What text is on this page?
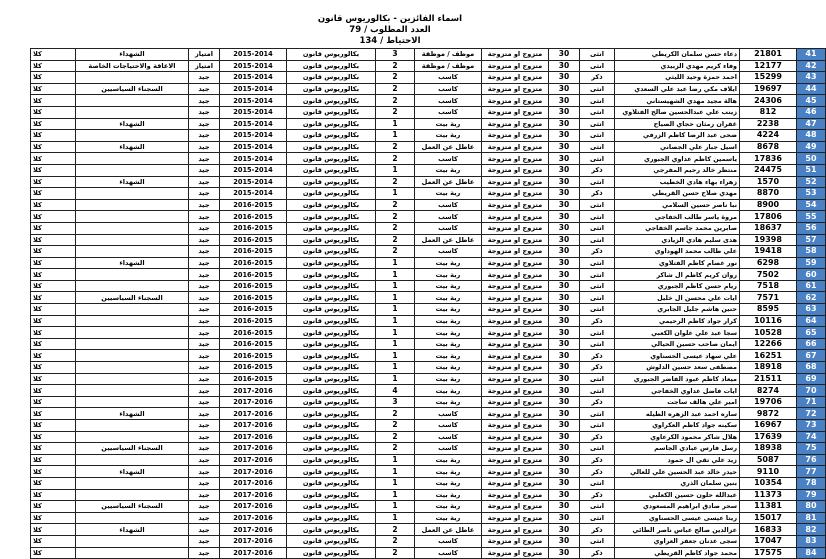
اسماء الفائزين - بكالوريوس قانون
العدد المطلوب / 79
الاحتياط / 134
41	21801	دعاء حسن سلمان الكريطي	انثى	30	متزوج او متزوجة	موظف / موظفة	3	بكالوريوس قانون	2015-2014	امتياز	الشهداء	كلا
42	12177	وفاء كريم مهدي الزبيدي	انثى	30	متزوج او متزوجة	موظف / موظفة	2	بكالوريوس قانون	2015-2014	امتياز	الاعاقة والاحتياجات الخاصة	كلا
43	15299	احمد حمزة وحيد الليثي	ذكر	30	متزوج او متزوجة	كاسب	2	بكالوريوس قانون	2015-2014	جيد		كلا
44	19697	ايلاف مكي رضا عبد علي السعدي	انثى	30	متزوج او متزوجة	كاسب	2	بكالوريوس قانون	2015-2014	جيد	السجناء السياسيين	كلا
45	24306	هالة مجيد مهدي الشهيستاني	انثى	30	متزوج او متزوجة	كاسب	2	بكالوريوس قانون	2015-2014	جيد		كلا
46	812	زينب علي عبدالحسين صالح الفتلاوي	انثى	30	متزوج او متزوجة	كاسب	2	بكالوريوس قانون	2015-2014	جيد		كلا
47	2238	غفران رمثان حجاي الصياح	انثى	30	متزوج او متزوجة	ربة بيت	1	بكالوريوس قانون	2015-2014	جيد	الشهداء	كلا
48	4224	ضحى عبد الرضا كاظم الزرفي	انثى	30	متزوج او متزوجة	ربة بيت	1	بكالوريوس قانون	2015-2014	جيد		كلا
49	8678	اسيل جبار علي الجصاني	انثى	30	متزوج او متزوجة	عاطل عن العمل	2	بكالوريوس قانون	2015-2014	جيد	الشهداء	كلا
50	17836	ياسمين كاظم عداوي الجبوري	انثى	30	متزوج او متزوجة	كاسب	2	بكالوريوس قانون	2015-2014	جيد		كلا
51	24475	منتظر خالد رحيم المفرجي	ذكر	30	متزوج او متزوجة	ربة بيت	1	بكالوريوس قانون	2015-2014	جيد		كلا
52	1570	زهراء بهاء هادي الخطيب	انثى	30	متزوج او متزوجة	عاطل عن العمل	2	بكالوريوس قانون	2015-2014	جيد	الشهداء	كلا
53	8870	مهدي صلاح حسن القريطي	ذكر	30	متزوج او متزوجة	ربة بيت	1	بكالوريوس قانون	2015-2014	جيد		كلا
54	8900	نبا ناصر حسين السلامي	انثى	30	متزوج او متزوجة	كاسب	2	بكالوريوس قانون	2016-2015	جيد		كلا
55	17806	مروة ياسر طالب الخفاجي	انثى	30	متزوج او متزوجة	كاسب	2	بكالوريوس قانون	2016-2015	جيد		كلا
56	18637	صابرين محمد جاسم الخفاجي	انثى	30	متزوج او متزوجة	كاسب	2	بكالوريوس قانون	2016-2015	جيد		كلا
57	19398	هدى سليم هادي الزيادي	انثى	30	متزوج او متزوجة	عاطل عن العمل	2	بكالوريوس قانون	2016-2015	جيد		كلا
58	19418	علي طالب محمد الهوداوي	ذكر	30	متزوج او متزوجة	كاسب	2	بكالوريوس قانون	2016-2015	جيد		كلا
59	6298	نور عصام كاظم الفتلاوي	انثى	30	متزوج او متزوجة	ربة بيت	1	بكالوريوس قانون	2016-2015	جيد	الشهداء	كلا
60	7502	روان كريم كاظم ال شاكر	انثى	30	متزوج او متزوجة	ربة بيت	1	بكالوريوس قانون	2016-2015	جيد		كلا
61	7518	ريام حسن كاظم الجبوري	انثى	30	متزوج او متزوجة	ربة بيت	1	بكالوريوس قانون	2016-2015	جيد		كلا
62	7571	ايات علي محسن ال خليل	انثى	30	متزوج او متزوجة	ربة بيت	1	بكالوريوس قانون	2016-2015	جيد	السجناء السياسيين	كلا
63	8595	حنين هاشم جليل الجابري	انثى	30	متزوج او متزوجة	ربة بيت	1	بكالوريوس قانون	2016-2015	جيد		كلا
64	10116	كرار جواد كاظم الرحيمي	ذكر	30	متزوج او متزوجة	ربة بيت	1	بكالوريوس قانون	2016-2015	جيد		كلا
65	10528	سجا عبد علي علوان الكعبي	انثى	30	متزوج او متزوجة	ربة بيت	1	بكالوريوس قانون	2016-2015	جيد		كلا
66	12266	ايمان صاحب حسين الحيالي	انثى	30	متزوج او متزوجة	ربة بيت	1	بكالوريوس قانون	2016-2015	جيد		كلا
67	16251	علي سهاد عيسى الحسناوي	ذكر	30	متزوج او متزوجة	ربة بيت	1	بكالوريوس قانون	2016-2015	جيد		كلا
68	18918	مصطفى سعد حسين الدلوش	ذكر	30	متزوج او متزوجة	ربة بيت	1	بكالوريوس قانون	2016-2015	جيد		كلا
69	21511	ميعاد كاظم عبود الفاضر الجبوري	انثى	30	متزوج او متزوجة	ربة بيت	1	بكالوريوس قانون	2016-2015	جيد		كلا
70	8274	ايات فاضل عداوي الخفاجي	انثى	30	متزوج او متزوجة	ربة بيت	4	بكالوريوس قانون	2017-2016	جيد		كلا
71	19706	امير علي هالف ساجت	ذكر	30	متزوج او متزوجة	ربة بيت	3	بكالوريوس قانون	2017-2016	جيد		كلا
72	9872	ساره احمد عبد الزهره الظيله	انثى	30	متزوج او متزوجة	كاسب	2	بكالوريوس قانون	2017-2016	جيد	الشهداء	كلا
73	16967	سكينه جواد كاظم العكراوي	انثى	30	متزوج او متزوجة	كاسب	2	بكالوريوس قانون	2017-2016	جيد		كلا
74	17639	هلال شاكر محمود الكرعاوي	ذكر	30	متزوج او متزوجة	كاسب	2	بكالوريوس قانون	2017-2016	جيد		كلا
75	18938	رسل فارس عبادي الجاسم	انثى	30	متزوج او متزوجة	كاسب	2	بكالوريوس قانون	2017-2016	جيد	السجناء السياسيين	كلا
76	5087	زيد علي تقي ال حمود	ذكر	30	متزوج او متزوجة	ربة بيت	1	بكالوريوس قانون	2017-2016	جيد		كلا
77	9110	حيدر خالد عبد الحسين علي للعالي	ذكر	30	متزوج او متزوجة	ربة بيت	1	بكالوريوس قانون	2017-2016	جيد	الشهداء	كلا
78	10354	بنين سلمان الذري	انثى	30	متزوج او متزوجة	ربة بيت	1	بكالوريوس قانون	2017-2016	جيد		كلا
79	11373	عبدالله حلون حسين الكعلبي	ذكر	30	متزوج او متزوجة	ربة بيت	1	بكالوريوس قانون	2017-2016	جيد		كلا
80	11381	سحر صادق ابراهيم المسعودي	انثى	30	متزوج او متزوجة	ربة بيت	1	بكالوريوس قانون	2017-2016	جيد	السجناء السياسيين	كلا
81	15017	ريتا عيسى عيسى الحسناوي	انثى	30	متزوج او متزوجة	ربة بيت	1	بكالوريوس قانون	2017-2016	جيد		كلا
82	16833	عزالدين صالح عباس ناصر الطائي	ذكر	30	متزوج او متزوجة	عاطل عن العمل	2	بكالوريوس قانون	2017-2016	جيد	الشهداء	كلا
83	17047	سجى عدنان جعفر العراوي	انثى	30	متزوج او متزوجة	كاسب	2	بكالوريوس قانون	2017-2016	جيد		كلا
84	17575	محمد جواد كاظم القريطي	ذكر	30	متزوج او متزوجة	كاسب	2	بكالوريوس قانون	2017-2016	جيد		كلا
